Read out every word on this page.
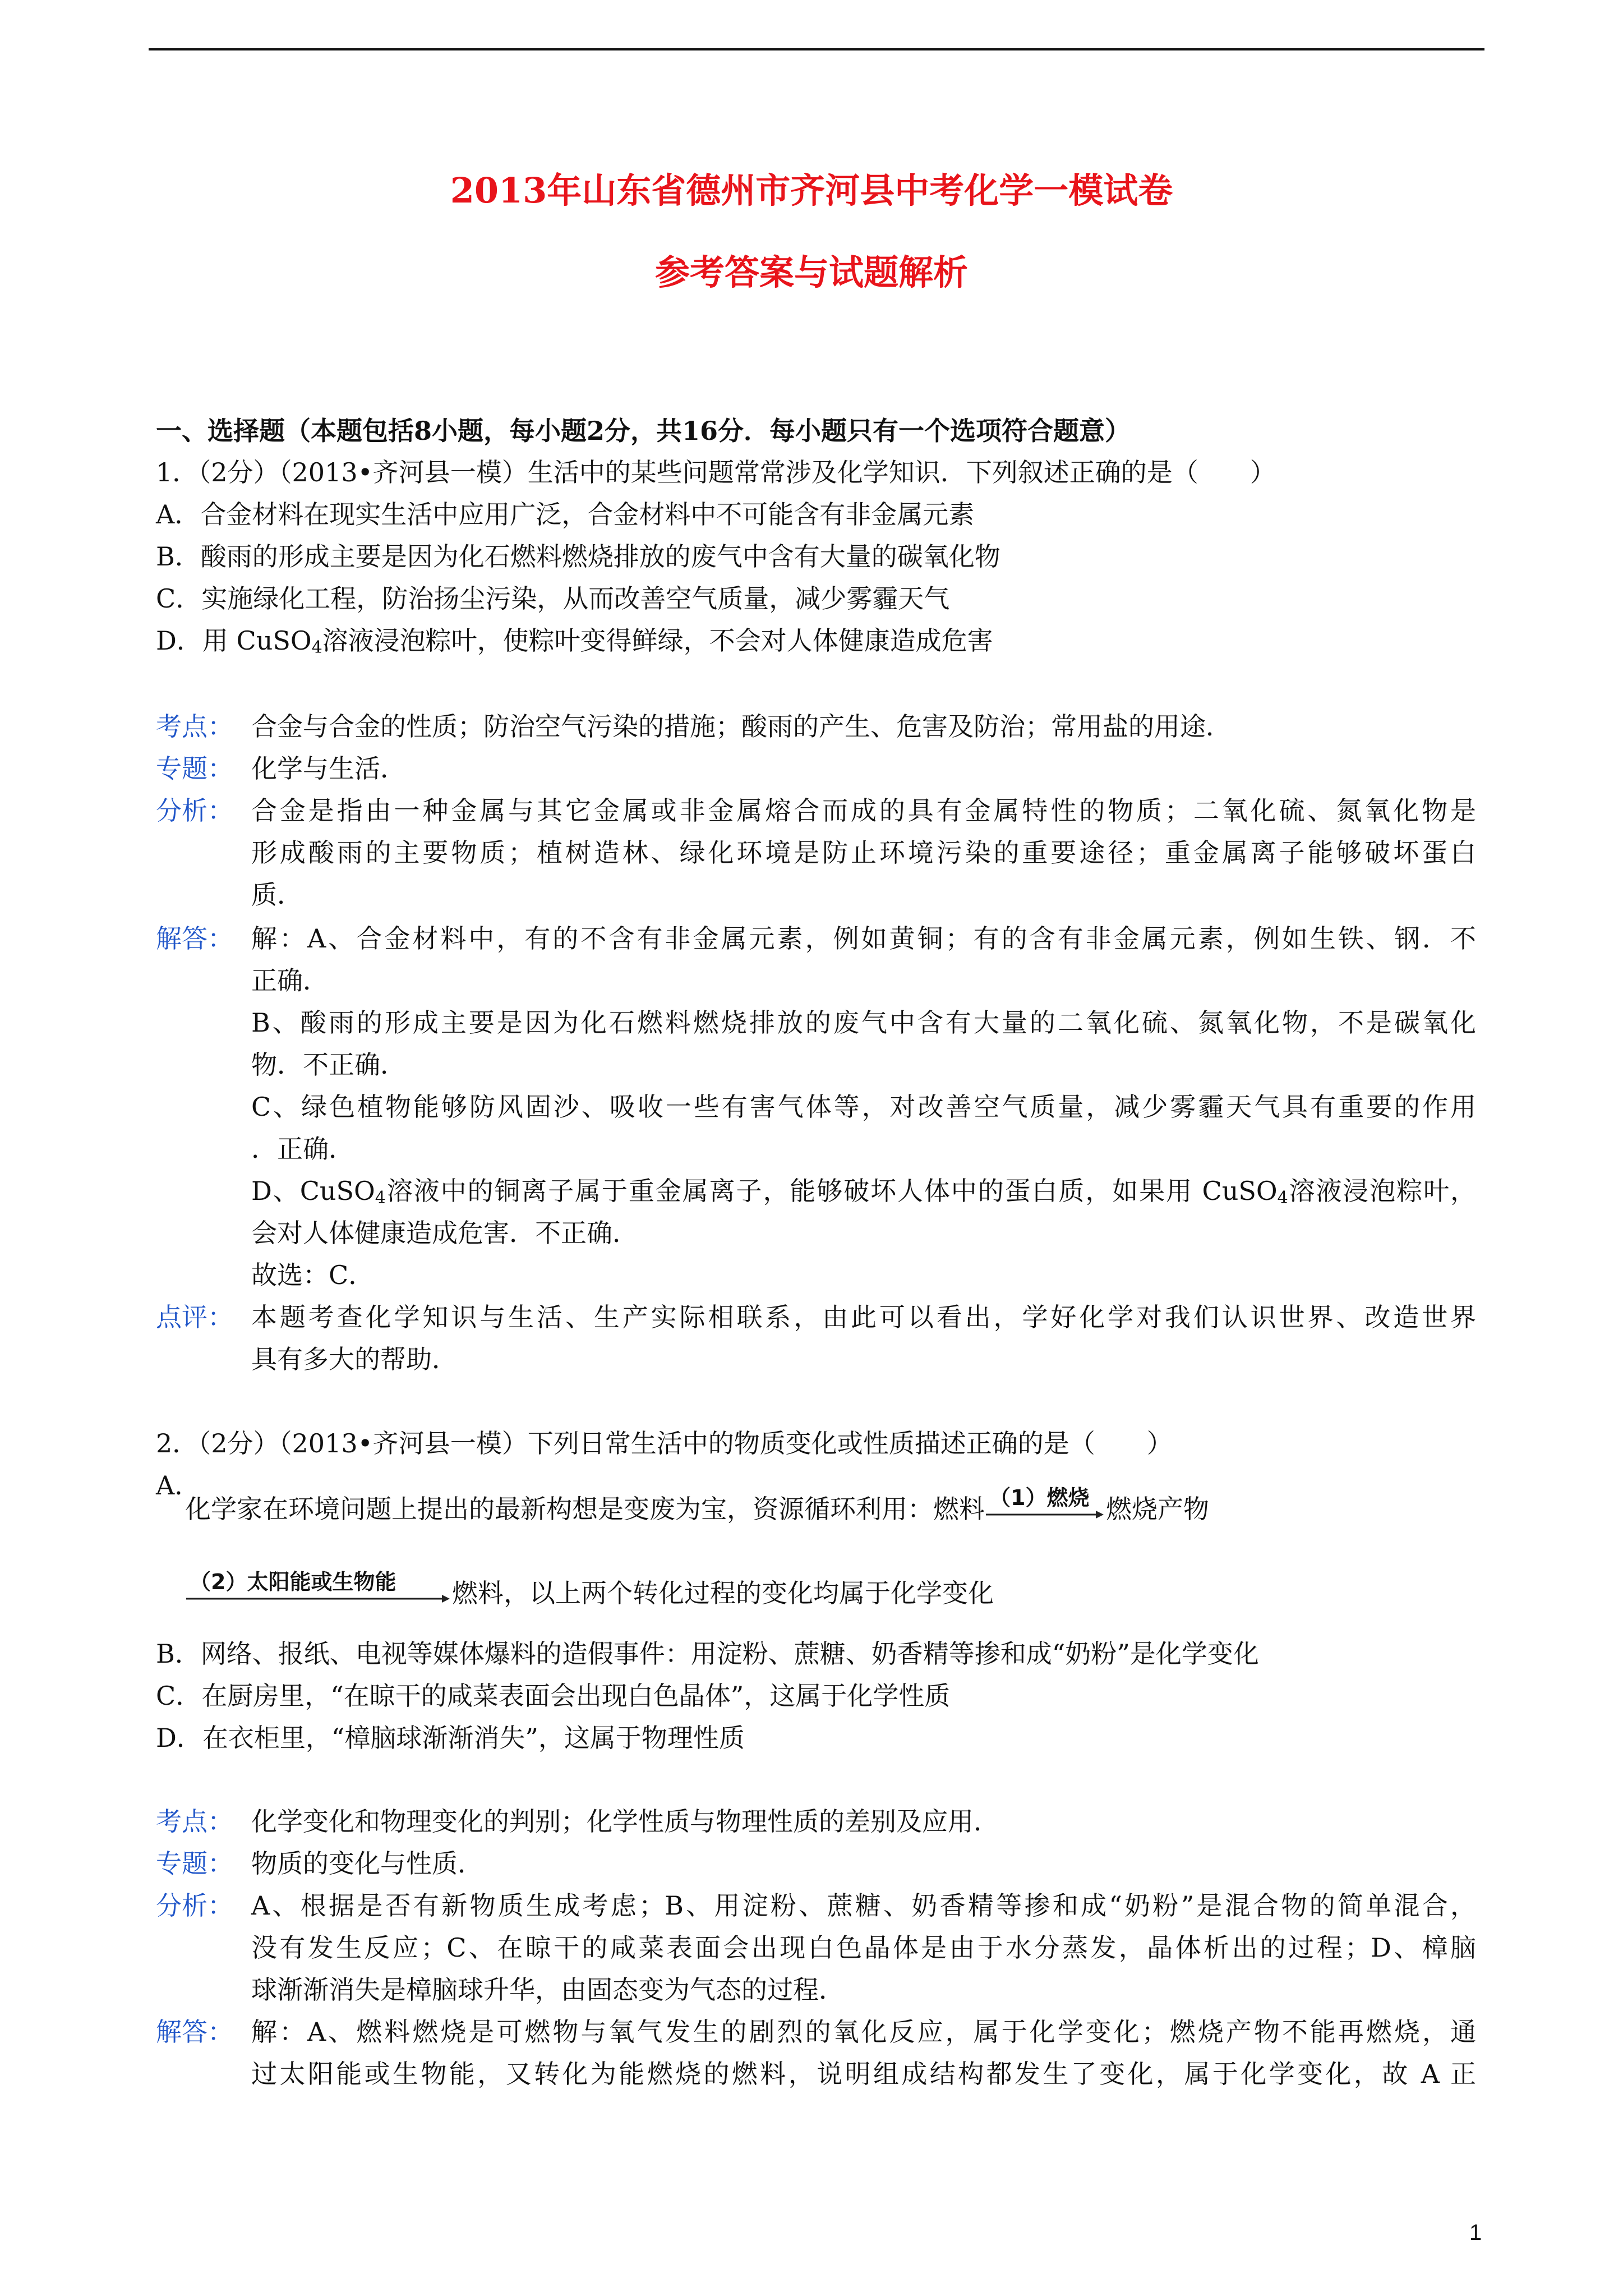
2013年山东省德州市齐河县中考化学一模试卷
参考答案与试题解析
一、选择题（本题包括8小题，每小题2分，共16分．每小题只有一个选项符合题意）
1．（2分）（2013•齐河县一模）生活中的某些问题常常涉及化学知识．下列叙述正确的是（　　）
A．合金材料在现实生活中应用广泛，合金材料中不可能含有非金属元素
B．酸雨的形成主要是因为化石燃料燃烧排放的废气中含有大量的碳氧化物
C．实施绿化工程，防治扬尘污染，从而改善空气质量，减少雾霾天气
D．用 CuSO$_4$溶液浸泡粽叶，使粽叶变得鲜绿，不会对人体健康造成危害
考点： 合金与合金的性质；防治空气污染的措施；酸雨的产生、危害及防治；常用盐的用途．
专题： 化学与生活．
分析： 合金是指由一种金属与其它金属或非金属熔合而成的具有金属特性的物质；二氧化硫、氮氧化物是
形成酸雨的主要物质；植树造林、绿化环境是防止环境污染的重要途径；重金属离子能够破坏蛋白
质．
解答： 解：A、合金材料中，有的不含有非金属元素，例如黄铜；有的含有非金属元素，例如生铁、钢．不
正确．
B、酸雨的形成主要是因为化石燃料燃烧排放的废气中含有大量的二氧化硫、氮氧化物，不是碳氧化
物．不正确．
C、绿色植物能够防风固沙、吸收一些有害气体等，对改善空气质量，减少雾霾天气具有重要的作用
．正确．
D、CuSO$_4$溶液中的铜离子属于重金属离子，能够破坏人体中的蛋白质，如果用 CuSO$_4$溶液浸泡粽叶，
会对人体健康造成危害．不正确．
故选：C．
点评： 本题考查化学知识与生活、生产实际相联系，由此可以看出，学好化学对我们认识世界、改造世界
具有多大的帮助．
2．（2分）（2013•齐河县一模）下列日常生活中的物质变化或性质描述正确的是（　　）
A．
化学家在环境问题上提出的最新构想是变废为宝，资源循环利用：燃料 （1）燃烧 燃烧产物
（2）太阳能或生物能 燃料，以上两个转化过程的变化均属于化学变化
B．网络、报纸、电视等媒体爆料的造假事件：用淀粉、蔗糖、奶香精等掺和成“奶粉”是化学变化
C．在厨房里，“在晾干的咸菜表面会出现白色晶体”，这属于化学性质
D．在衣柜里，“樟脑球渐渐消失”，这属于物理性质
考点： 化学变化和物理变化的判别；化学性质与物理性质的差别及应用．
专题： 物质的变化与性质．
分析： A、根据是否有新物质生成考虑；B、用淀粉、蔗糖、奶香精等掺和成“奶粉”是混合物的简单混合，
没有发生反应；C、在晾干的咸菜表面会出现白色晶体是由于水分蒸发，晶体析出的过程；D、樟脑
球渐渐消失是樟脑球升华，由固态变为气态的过程．
解答： 解：A、燃料燃烧是可燃物与氧气发生的剧烈的氧化反应，属于化学变化；燃烧产物不能再燃烧，通
过太阳能或生物能，又转化为能燃烧的燃料，说明组成结构都发生了变化，属于化学变化，故 A 正
1
